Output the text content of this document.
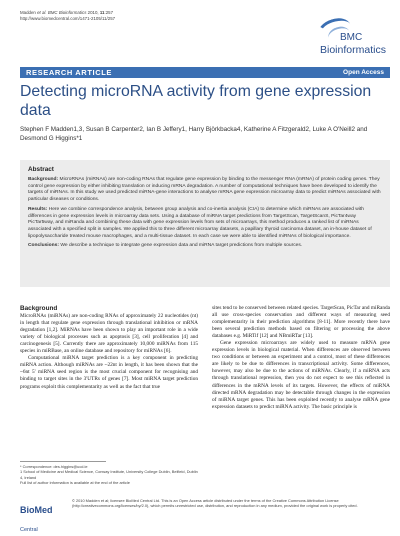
Madden et al. BMC Bioinformatics 2010, 11:257
http://www.biomedcentral.com/1471-2105/11/257
BMC
Bioinformatics
RESEARCH ARTICLE	Open Access
Detecting microRNA activity from gene expression data
Stephen F Madden1,3, Susan B Carpenter2, Ian B Jeffery1, Harry Björkbacka4, Katherine A Fitzgerald2, Luke A O'Neill2 and Desmond G Higgins*1
Abstract

Background: MicroRNAs (miRNAs) are non-coding RNAs that regulate gene expression by binding to the messenger RNA (mRNA) of protein coding genes. They control gene expression by either inhibiting translation or inducing mRNA degradation. A number of computational techniques have been developed to identify the targets of miRNAs. In this study we used predicted miRNA-gene interactions to analyse mRNA gene expression microarray data to predict miRNAs associated with particular diseases or conditions.

Results: Here we combine correspondence analysis, between group analysis and co-inertia analysis (CIA) to determine which miRNAs are associated with differences in gene expression levels in microarray data sets. Using a database of miRNA target predictions from TargetScan, TargetScanS, PicTar4way PicTar5way, and miRanda and combining these data with gene expression levels from sets of microarrays, this method produces a ranked list of miRNAs associated with a specified split in samples. We applied this to three different microarray datasets, a papillary thyroid carcinoma dataset, an in-house dataset of lipopolysaccharide treated mouse macrophages, and a multi-tissue dataset. In each case we were able to identified miRNAs of biological importance.

Conclusions: We describe a technique to integrate gene expression data and miRNA target predictions from multiple sources.

Background

MicroRNAs (miRNAs) are non-coding RNAs of approximately 22 nucleotides (nt) in length that regulate gene expression through translational inhibition or mRNA degradation [1,2]. MiRNAs have been shown to play an important role in a wide variety of biological processes such as apoptosis [3], cell proliferation [4] and carcinogenesis [5]. Currently there are approximately 10,000 miRNAs from 115 species in miRBase, an online database and repository for miRNAs [6].

Computational miRNA target prediction is a key component in predicting miRNA action. Although miRNAs are ~22nt in length, it has been shown that the ~6nt 5' miRNA seed region is the most crucial component for recognising and binding to target sites in the 3'UTRs of genes [7]. Most miRNA target prediction programs exploit this complementarity as well as the fact that true

sites tend to be conserved between related species. TargetScan, PicTar and miRanda all use cross-species conservation and different ways of measuring seed complementarity in their prediction algorithms [8-11]. More recently there have been several prediction methods based on filtering or processing the above databases e.g. MiRTif [12] and NBmiRTar [13].

Gene expression microarrays are widely used to measure mRNA gene expression levels in biological material. When differences are observed between two conditions or between an experiment and a control, most of these differences are likely to be due to differences in transcriptional activity. Some differences, however, may also be due to the actions of miRNAs. Clearly, if a miRNA acts through translational repression, then you do not expect to see this reflected in differences in the mRNA levels of its targets. However, the effects of miRNA directed mRNA degradation may be detectable through changes in the expression of miRNA target genes. This has been exploited recently to analyse mRNA gene expression datasets to predict miRNA activity. The basic principle is

* Correspondence: des.higgins@ucd.ie
1 School of Medicine and Medical Science, Conway Institute, University College Dublin, Belfield, Dublin 4, Ireland
Full list of author information is available at the end of the article
BioMed Central
© 2010 Madden et al; licensee BioMed Central Ltd. This is an Open Access article distributed under the terms of the Creative Commons Attribution License (http://creativecommons.org/licenses/by/2.0), which permits unrestricted use, distribution, and reproduction in any medium, provided the original work is properly cited.
